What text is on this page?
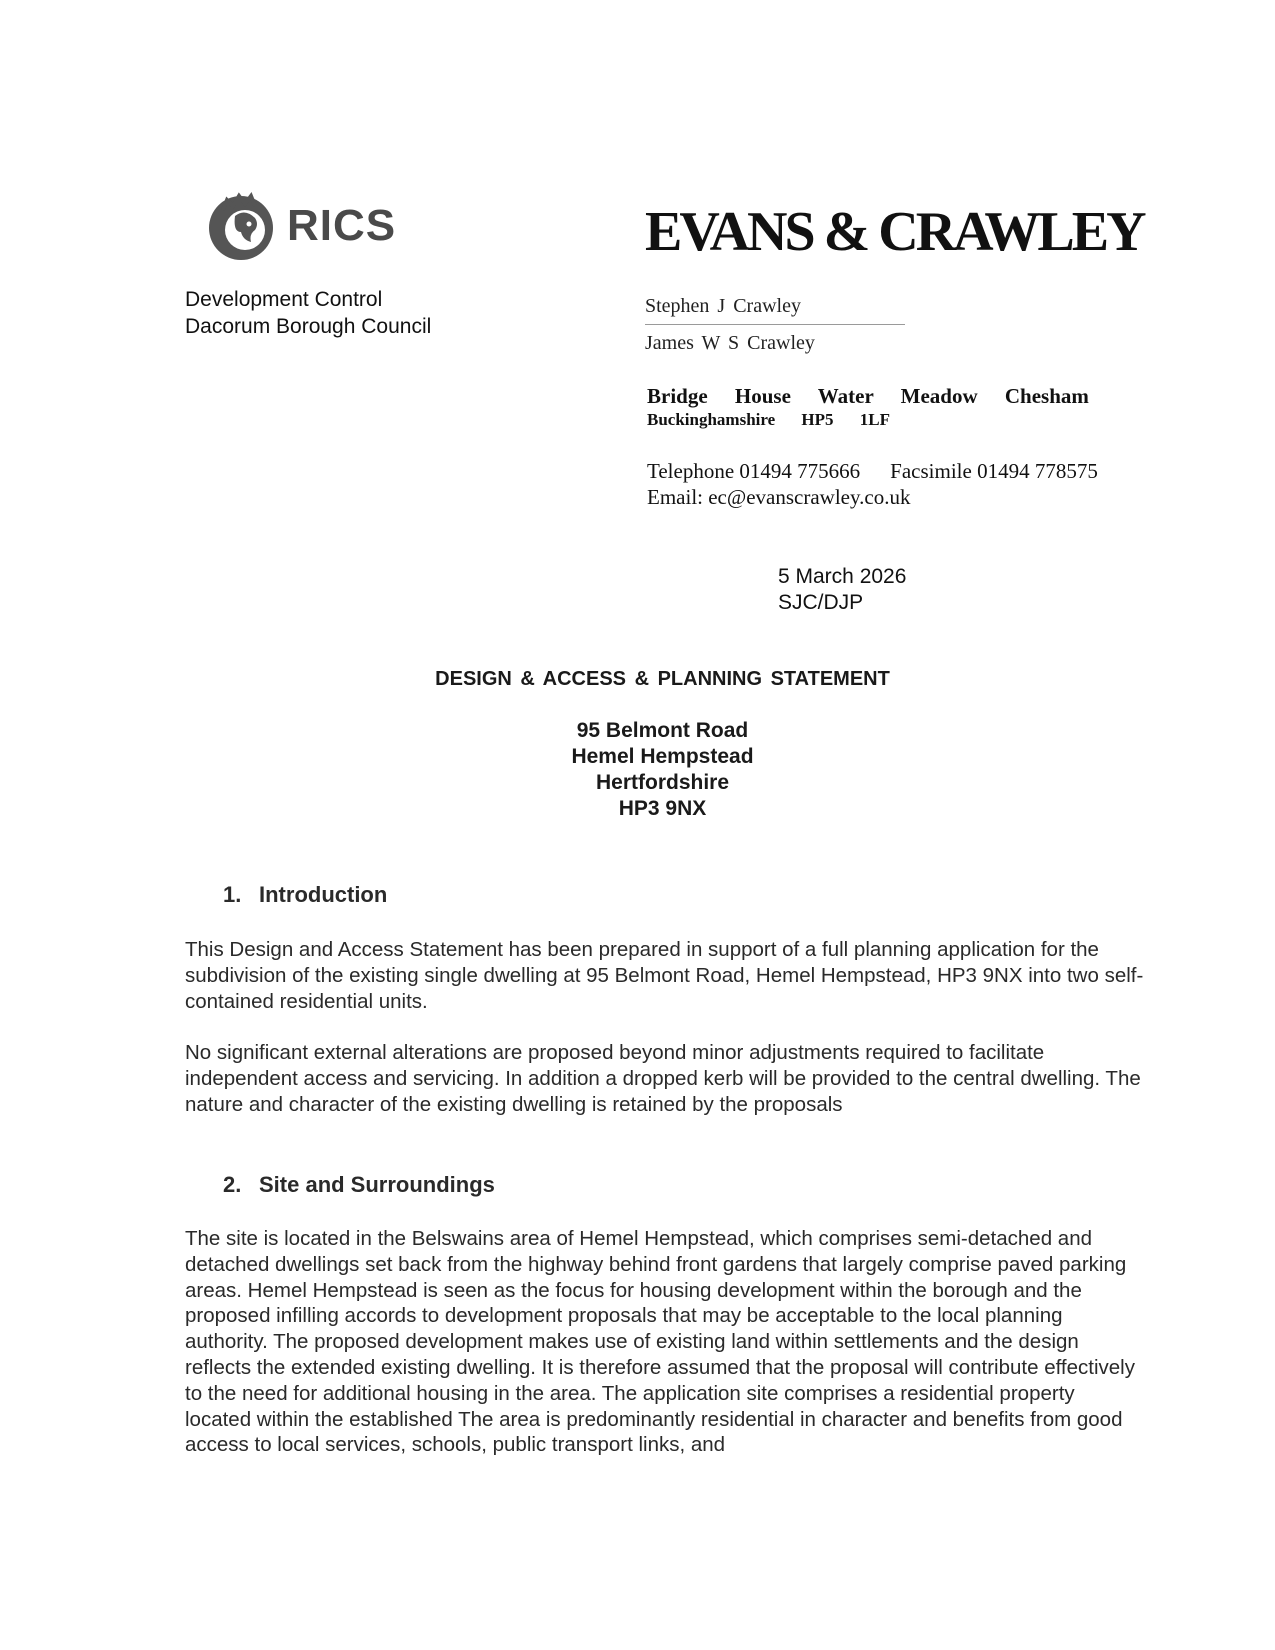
RICS
Development Control
Dacorum Borough Council
EVANS & CRAWLEY
Stephen J Crawley
James W S Crawley
Bridge House Water Meadow Chesham
Buckinghamshire HP5 1LF
Telephone 01494 775666 Facsimile 01494 778575
Email: ec@evanscrawley.co.uk
5 March 2026
SJC/DJP
DESIGN & ACCESS & PLANNING STATEMENT
95 Belmont Road
Hemel Hempstead
Hertfordshire
HP3 9NX
1. Introduction
This Design and Access Statement has been prepared in support of a full planning application for the subdivision of the existing single dwelling at 95 Belmont Road, Hemel Hempstead, HP3 9NX into two self-contained residential units.
No significant external alterations are proposed beyond minor adjustments required to facilitate independent access and servicing. In addition a dropped kerb will be provided to the central dwelling. The nature and character of the existing dwelling is retained by the proposals
2. Site and Surroundings
The site is located in the Belswains area of Hemel Hempstead, which comprises semi-detached and detached dwellings set back from the highway behind front gardens that largely comprise paved parking areas. Hemel Hempstead is seen as the focus for housing development within the borough and the proposed infilling accords to development proposals that may be acceptable to the local planning authority. The proposed development makes use of existing land within settlements and the design reflects the extended existing dwelling. It is therefore assumed that the proposal will contribute effectively to the need for additional housing in the area. The application site comprises a residential property located within the established The area is predominantly residential in character and benefits from good access to local services, schools, public transport links, and
